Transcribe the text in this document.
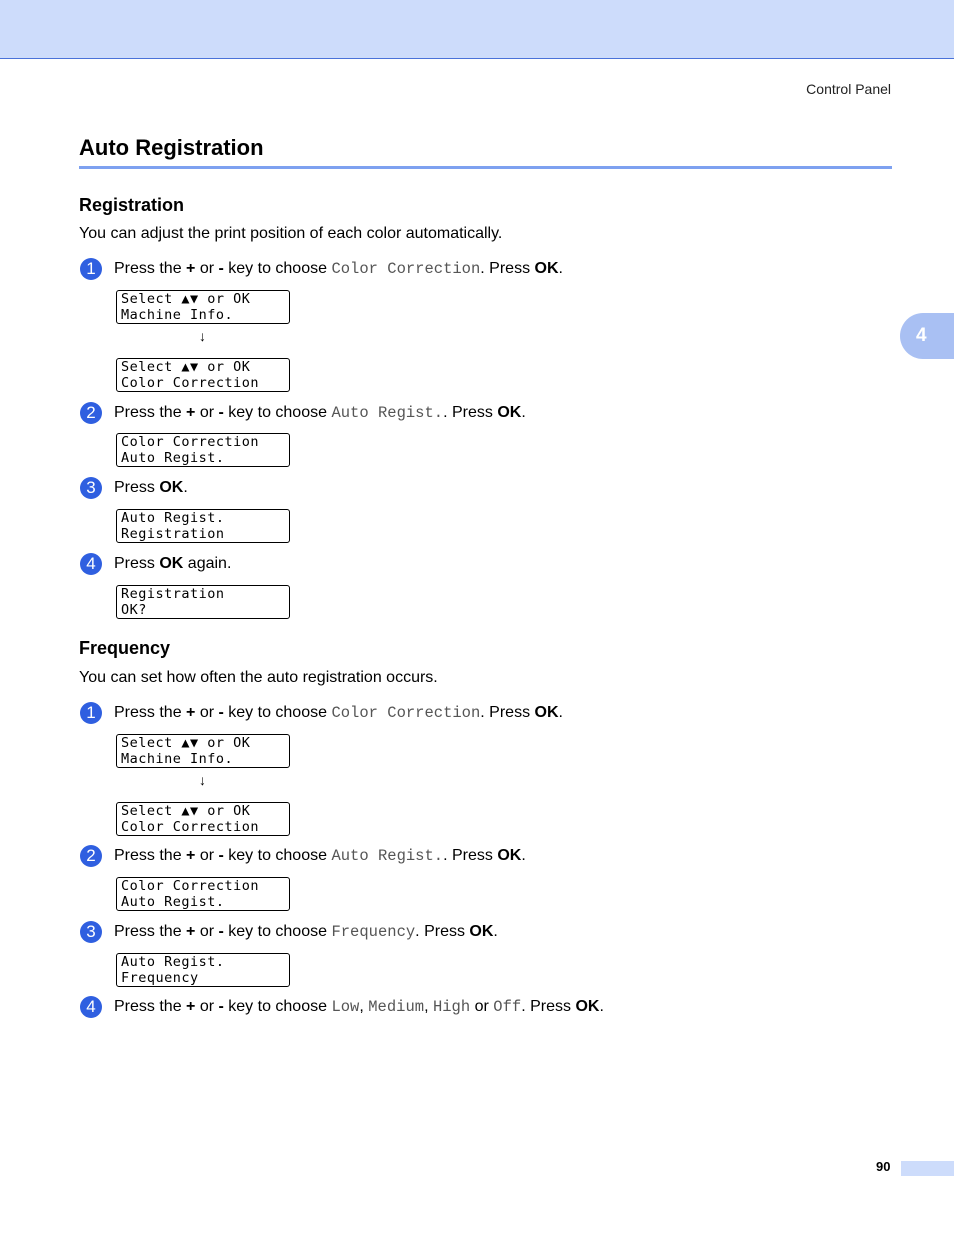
Control Panel
4
Auto Registration
Registration

You can adjust the print position of each color automatically.

1	Press the + or - key to choose Color Correction. Press OK.
Select ▲▼ or OK
Machine Info.
↓
Select ▲▼ or OK
Color Correction
2	Press the + or - key to choose Auto Regist.. Press OK.
Color Correction
Auto Regist.
3	Press OK.
Auto Regist.
Registration
4	Press OK again.
Registration
OK?
Frequency

You can set how often the auto registration occurs.

1	Press the + or - key to choose Color Correction. Press OK.
Select ▲▼ or OK
Machine Info.
↓
Select ▲▼ or OK
Color Correction
2	Press the + or - key to choose Auto Regist.. Press OK.
Color Correction
Auto Regist.
3	Press the + or - key to choose Frequency. Press OK.
Auto Regist.
Frequency
4	Press the + or - key to choose Low, Medium, High or Off. Press OK.
90
